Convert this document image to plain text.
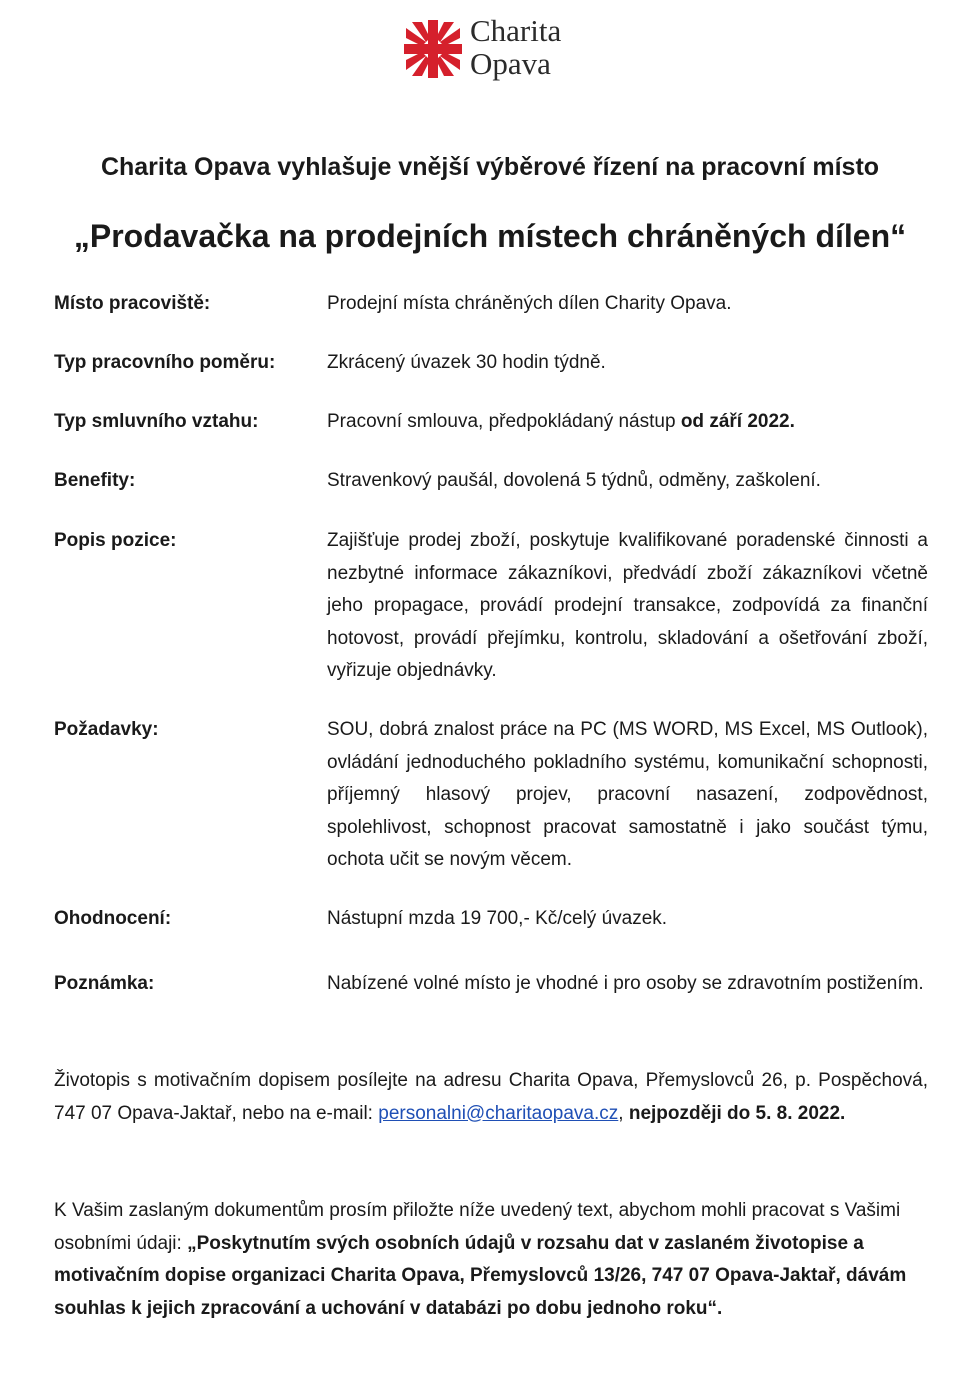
Charita
Opava
Charita Opava vyhlašuje vnější výběrové řízení na pracovní místo
„Prodavačka na prodejních místech chráněných dílen“
Místo pracoviště:	Prodejní místa chráněných dílen Charity Opava.
Typ pracovního poměru:	Zkrácený úvazek 30 hodin týdně.
Typ smluvního vztahu:	Pracovní smlouva, předpokládaný nástup od září 2022.
Benefity:	Stravenkový paušál, dovolená 5 týdnů, odměny, zaškolení.
Popis pozice:	Zajišťuje prodej zboží, poskytuje kvalifikované poradenské činnosti a nezbytné informace zákazníkovi, předvádí zboží zákazníkovi včetně jeho propagace, provádí prodejní transakce, zodpovídá za finanční hotovost, provádí přejímku, kontrolu, skladování a ošetřování zboží, vyřizuje objednávky.
Požadavky:	SOU, dobrá znalost práce na PC (MS WORD, MS Excel, MS Outlook), ovládání jednoduchého pokladního systému, komunikační schopnosti, příjemný hlasový projev, pracovní nasazení, zodpovědnost, spolehlivost, schopnost pracovat samostatně i jako součást týmu, ochota učit se novým věcem.
Ohodnocení:	Nástupní mzda 19 700,- Kč/celý úvazek.
Poznámka:	Nabízené volné místo je vhodné i pro osoby se zdravotním postižením.
Životopis s motivačním dopisem posílejte na adresu Charita Opava, Přemyslovců 26, p. Pospěchová, 747 07 Opava-Jaktař, nebo na e-mail: personalni@charitaopava.cz, nejpozději do 5. 8. 2022.
K Vašim zaslaným dokumentům prosím přiložte níže uvedený text, abychom mohli pracovat s Vašimi osobními údaji: „Poskytnutím svých osobních údajů v rozsahu dat v zaslaném životopise a motivačním dopise organizaci Charita Opava, Přemyslovců 13/26, 747 07 Opava-Jaktař, dávám souhlas k jejich zpracování a uchování v databázi po dobu jednoho roku“.
